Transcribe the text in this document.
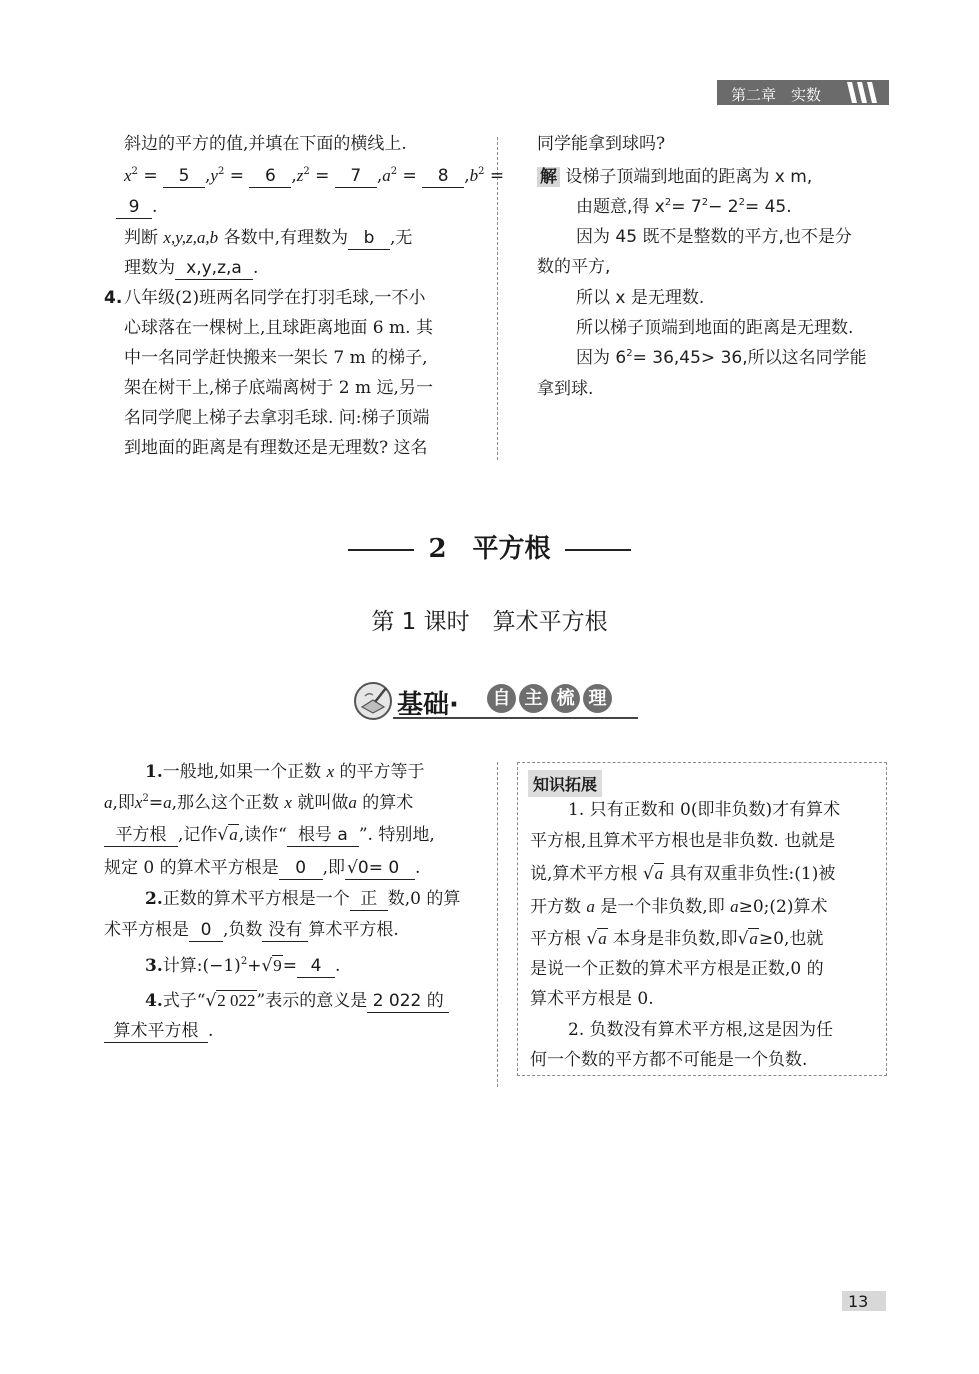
第二章　实数
斜边的平方的值,并填在下面的横线上.
$x^2 = 5$ $,y^2 = 6$ $,z^2 = 7$ $,a^2 = 8$ $,b^2$ =
9 .
判断 x,y,z,a,b 各数中,有理数为 b ,无
理数为 x,y,z,a .
4. 八年级(2)班两名同学在打羽毛球,一不小
心球落在一棵树上,且球距离地面 6 m. 其
中一名同学赶快搬来一架长 7 m 的梯子,
架在树干上,梯子底端离树于 2 m 远,另一
名同学爬上梯子去拿羽毛球. 问:梯子顶端
到地面的距离是有理数还是无理数? 这名
同学能拿到球吗?
解 设梯子顶端到地面的距离为 x m,
由题意,得 $x^2= 7^2- 2^2= 45$.
因为 45 既不是整数的平方,也不是分
数的平方,
所以 x 是无理数.
所以梯子顶端到地面的距离是无理数.
因为 $6^2= 36,45> 36$,所以这名同学能
拿到球.
2　 平方根
第 1 课时　算术平方根
基础·	自 主 梳 理
1.一般地,如果一个正数 x 的平方等于
a,即$x^2=a$,那么这个正数 x 就叫做a 的算术
平方根 ,记作√a,读作“ 根号 a ”. 特别地,
规定 0 的算术平方根是 0 ,即 √0= 0 .
2.正数的算术平方根是一个 正 数,0 的算
术平方根是 0 ,负数 没有 算术平方根.
3.计算$:(-1)^2+√9= 4$ .
4.式子“√2 022”表示的意义是 2 022 的
算术平方根 .
知识拓展
1. 只有正数和 0(即非负数)才有算术
平方根,且算术平方根也是非负数. 也就是
说,算术平方根 √a 具有双重非负性:(1)被
开方数 a 是一个非负数,即 a≥0;(2)算术
平方根 √a 本身是非负数,即√a≥0,也就
是说一个正数的算术平方根是正数,0 的
算术平方根是 0.
2. 负数没有算术平方根,这是因为任
何一个数的平方都不可能是一个负数.
13
